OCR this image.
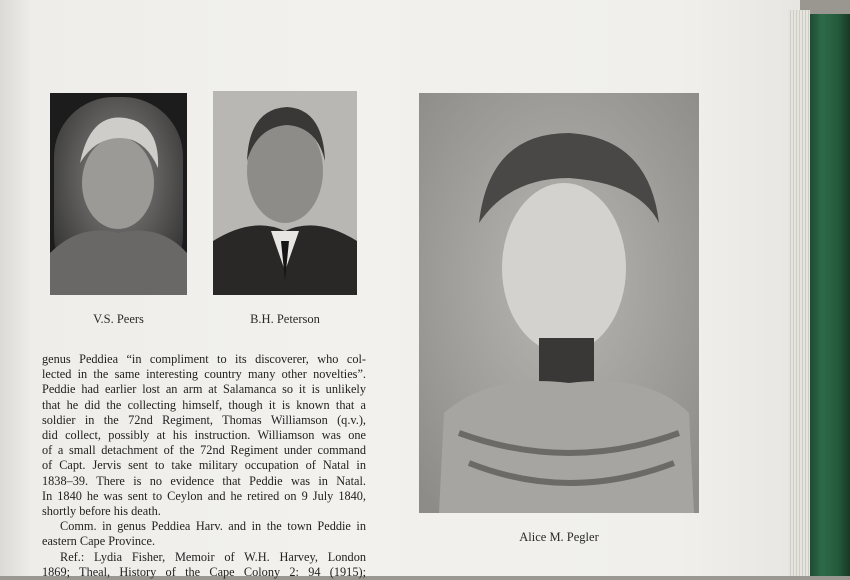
V.S. Peers	B.H. Peterson
Alice M. Pegler

genus Peddiea “in compliment to its discoverer, who col-
lected in the same interesting country many other novelties”.
Peddie had earlier lost an arm at Salamanca so it is unlikely
that he did the collecting himself, though it is known that a
soldier in the 72nd Regiment, Thomas Williamson (q.v.),
did collect, possibly at his instruction. Williamson was one
of a small detachment of the 72nd Regiment under command
of Capt. Jervis sent to take military occupation of Natal in
1838–39. There is no evidence that Peddie was in Natal.
In 1840 he was sent to Ceylon and he retired on 9 July 1840,
shortly before his death.

Comm. in genus Peddiea Harv. and in the town Peddie in
eastern Cape Province.

Ref.: Lydia Fisher, Memoir of W.H. Harvey, London
1869; Theal, History of the Cape Colony 2: 94 (1915);
